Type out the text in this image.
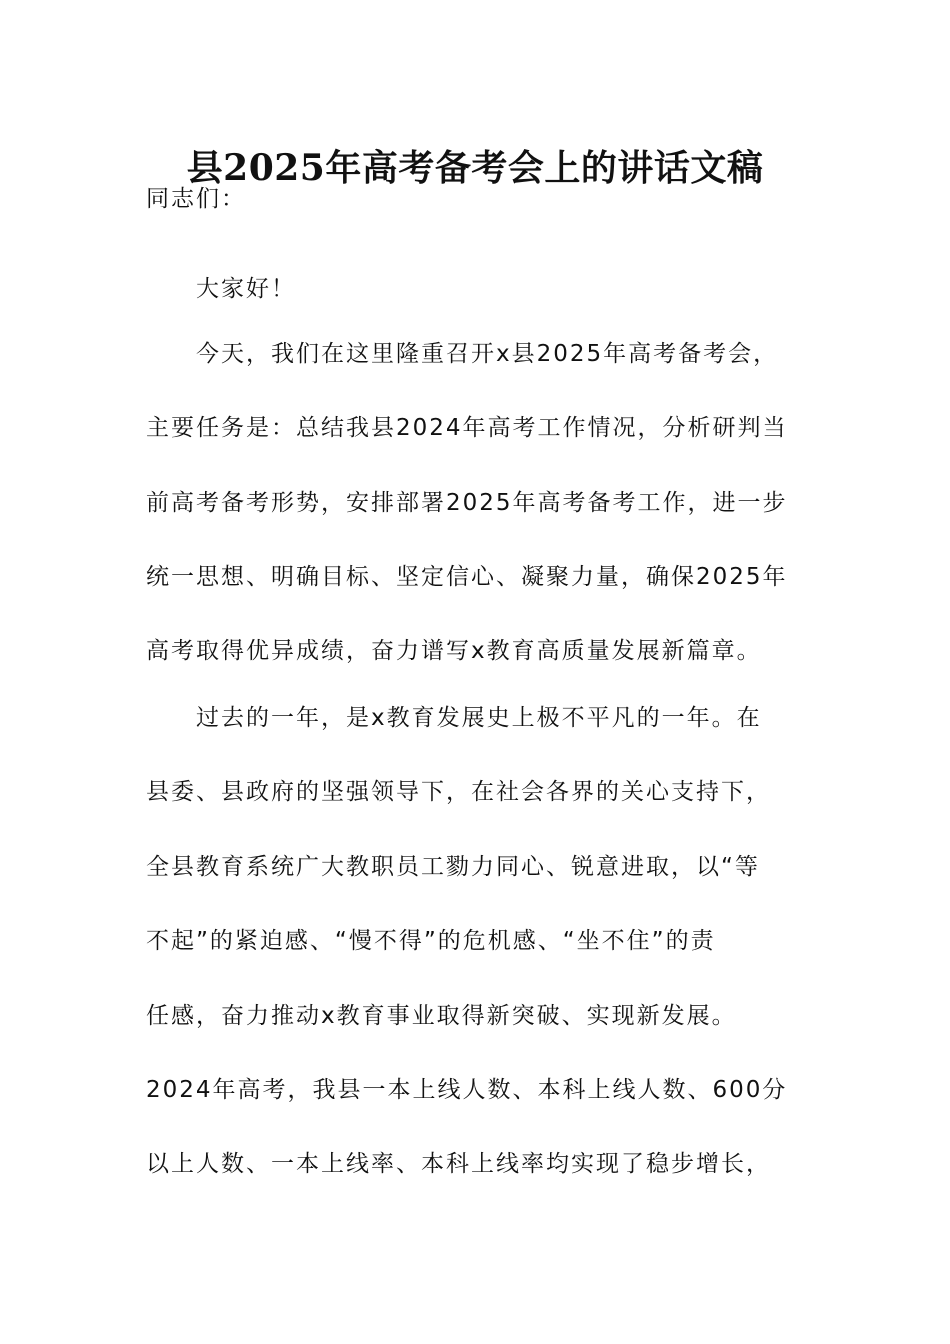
县2025年高考备考会上的讲话文稿
同志们：
大家好！
今天，我们在这里隆重召开x县2025年高考备考会，
主要任务是：总结我县2024年高考工作情况，分析研判当
前高考备考形势，安排部署2025年高考备考工作，进一步
统一思想、明确目标、坚定信心、凝聚力量，确保2025年
高考取得优异成绩，奋力谱写x教育高质量发展新篇章。
过去的一年，是x教育发展史上极不平凡的一年。在
县委、县政府的坚强领导下，在社会各界的关心支持下，
全县教育系统广大教职员工勠力同心、锐意进取，以“等
不起”的紧迫感、“慢不得”的危机感、“坐不住”的责
任感，奋力推动x教育事业取得新突破、实现新发展。
2024年高考，我县一本上线人数、本科上线人数、600分
以上人数、一本上线率、本科上线率均实现了稳步增长，
